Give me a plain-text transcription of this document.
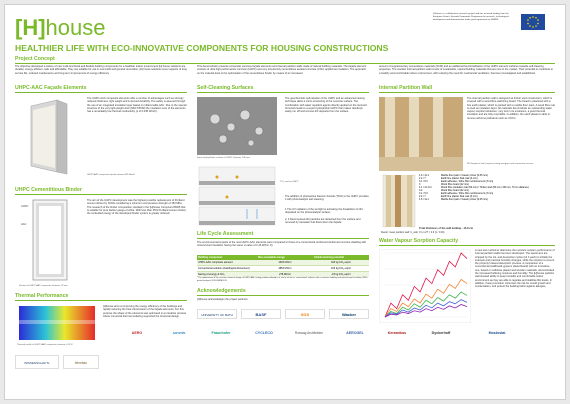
[H]house
HEALTHIER LIFE WITH ECO-INNOVATIVE COMPONENTS FOR HOUSING CONSTRUCTIONS
H-House is a collaborative research project and has received funding from the European Union's Seventh Framework Programme for research, technological development and demonstration under grant agreement no 608893.
Project Concept
The objective developed a variety of new multi-functional and flexible building components for a healthier indoor environment [H] house solutions are durable, energy-efficient, safe and affordable. They are suitable for use in new build and general renovation, [H] house solutions cover aspects of long service life, reduced maintenance and long-term improvement of energy efficiency.
This demonstrator presents composite concrete façade elements and internal partition walls made of natural building materials. The façade element consists of ultra high-performance concrete (UHPC) and very low-density cementitious aerated concrete (CAC) applied as insulation. The approach on the material level is the optimisation of the cementitious binder by means of an increased
amount of supplementary cementitious materials (SCM) and an additional functionalization of the UHPC element surfaces towards self-cleaning properties. The wooden internal partition wall consist of sustainable, natural building materials that are new to the market. Their potential to contribute to a healthy and comfortable indoor environment, with reducing the need for mechanical ventilation, has been investigated and established.
UHPC-AAC Façade Elements
The UHPC-AAC composite elements offer a number of advantages such as strongly reduced thickness, light weight and improved durability. The safety is assured through the use of an integrated insulation layer based on inflammable AAC. Due to the special structure of the very light-weight AAC (MULTIPOR) the insulation core of the elements has a remarkably low thermal conductivity (λ of 0.045 W/mK).
UHPC-AAC composite façade element 3D Model
UHPC Cementitious Binder
UHPC
AAC
The aim of the UHPC development was the highest possible replacement of Portland cement clinker by SCMs considering a minimum compressive strength of 150 MPa. The research of the binder composition resulted in the [H]house Compound B945 that is suitable for pure backer gauge of white. With less than 35% Portland cement clinker, the embodied energy of the developed binder system is greatly reduced.
Section of UHPC-AAC composite element, 10 mm
Thermal Performance
[H]house aims at improving the energy efficiency of the buildings and rapidly reducing the heat transmission of the façade elements. For this purpose the shape of the elements was optimised in an iterative process where numerical thermal modeling supported the structural design.
Thermal profile of UHPC-AAC composite element, Δ 10 K
Self-Cleaning Surfaces
The geochemistic optimisation of the UHPC and an advanced casting technique allow a micro-structuring of the concrete surface. The combination with water repellent agents directly applied on the textured formwork leads to a super hydrophobic UHPC that makes raindrops easily run off and remove dirt deposits from the surface.
Super hydrophobic surface of UHPC element, 100 mm
TiO₂ and on UHPC
The addition of photoactive titanium dioxide (TiO2) to the UHPC provides it with photocatalytic self-cleaning:
1 The UV radiation of the sunlight is activating the breakdown of dirt deposited on the photocatalytic surface;
2, 3 Decomposed dirt particles are detached from the surface and removed by rainwater that flows down the façade.
Life Cycle Assessment
The environmental impacts of the new UHPC-AAC elements were compared to those of a conventional reinforced reinforced concrete cladding with mineral wool insulation having the same U-value of 0.15 W/(m²·K).
Building component	Non-renewable energy	Global warming potential
UHPC-AAC composite element	1303 MJ/m²	118 kg CO₂ eq/m²
Conventional solution (cladding/reinforcement)	1853 MJ/m²	103 kg CO₂ eq/m²
Saving of energy & CO₂	278 MJ/m²	-15 kg CO₂ eq/m²
* The optimization of the concrete chemical design of UHPC-AAC ceiling partition allowed to it, and a set for an 'conventional' solution with a concrete cladding and mineral wool insulation (2015-partial analysis) 2019 EMPA 2015
Acknowledgements
[H]house acknowledges the project partners:
Internal Partition Wall
The internal partition wall is designed as timber stud construction, which is covered with a wood fibre wall lining board. The board is plastered with a fine earth plaster, which is painted with a marble flour paint. A wood fibre mat is used as insulation layer. All materials demonstrate an outstanding water vapour sorption behaviour; very low in its emissions, a good thermal insulation and are fully recyclable. In addition, the earth plaster is able to remove airborne pollutants such as VOC's.
3D Sample of wall sorption testing and gaps and connection reasons
1.6 / 11.1	Marble flour paint / Casein primer (0.05 mm)
2.2 / 7	Earth fine plaster final coat (3 mm)
3.1 / 5.3	Earth adhesive / Fibre fibre reinforcement (3 mm)
3	Wood fibre board (22 mm)
4.1 / 4.1.6.2	Wood fibre insulation mat (60 mm) / Timber stud (60 mm x 80 mm, 70 cm distance)
3.2	Wood fibre board (22 mm)
3.1 / 5.3	Earth adhesive / Fibre fibre reinforcement (3 mm)
2.2 / 7	Earth fine plaster final coat (3 mm)
1.6 / 11.1	Marble flour paint / Casein primer (0.05 mm)
Result: mean partition wall: U_wall, f,C,m,ZT = 0.9 (1 / 0.49)
Total thickness of the wall buildup - 13.8 cm
Water Vapour Sorption Capacity
A new test method to determine the moisture sorption performance of internal partition walls has been developed. The specimens are stripped by the sol- and desorption cycles (12 h each) in initially the example and practical humidity changes, while the sorption to ensure the property's lateral desorption process. A comparison of a conventional (wallboard-gypsum plasterboard) with an innovative one, based on cellulose plaster and wooden materials, demonstrated the increased buffering moisture and humidity. The [H]house partition wall showed ability to keep humidity and comfortable indoor environment as they are able to regulate and stabilise RH levels. In addition, these promotion minimises the risk for mould growth and condensation, and protect the building fabric against allergies.
UNIVERSITY OF BATH	BASF	SGS	Wacker
AERO	sarantis	Fraunhofer	CYCLECO	Roswag Architekten	AEROGEL	Keramikos	Dyckerhoff	Mostostal
WISSENSCHAFTL	lehmbau
